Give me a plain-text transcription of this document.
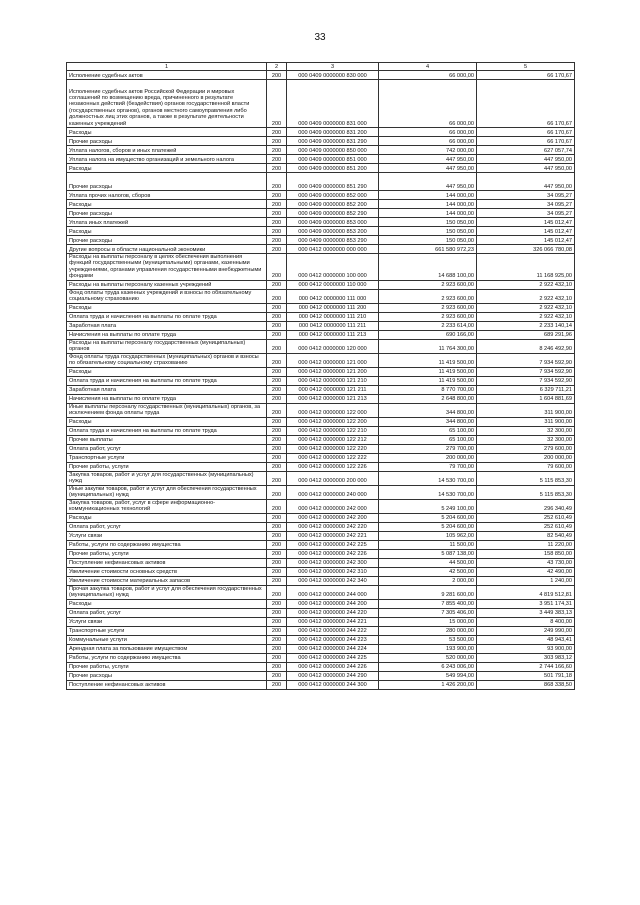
33
1	2	3	4	5
Исполнение судебных актов	200	000 0409 0000000 830 000	66 000,00	66 170,67
Исполнение судебных актов Российской Федерации и мировых соглашений по возмещению вреда, причиненного в результате незаконных действий (бездействия) органов государственной власти (государственных органов), органов местного самоуправления либо должностных лиц этих органов, а также в результате деятельности казенных учреждений	200	000 0409 0000000 831 000	66 000,00	66 170,67
Расходы	200	000 0409 0000000 831 200	66 000,00	66 170,67
Прочие расходы	200	000 0409 0000000 831 290	66 000,00	66 170,67
Уплата налогов, сборов и иных платежей	200	000 0409 0000000 850 000	742 000,00	627 057,74
Уплата налога на имущество организаций и земельного налога	200	000 0409 0000000 851 000	447 950,00	447 950,00
Расходы	200	000 0409 0000000 851 200	447 950,00	447 950,00
Прочие расходы	200	000 0409 0000000 851 290	447 950,00	447 950,00
Уплата прочих налогов, сборов	200	000 0409 0000000 852 000	144 000,00	34 095,27
Расходы	200	000 0409 0000000 852 200	144 000,00	34 095,27
Прочие расходы	200	000 0409 0000000 852 290	144 000,00	34 095,27
Уплата иных платежей	200	000 0409 0000000 853 000	150 050,00	145 012,47
Расходы	200	000 0409 0000000 853 200	150 050,00	145 012,47
Прочие расходы	200	000 0409 0000000 853 290	150 050,00	145 012,47
Другие вопросы в области национальной экономики	200	000 0412 0000000 000 000	661 580 972,23	326 066 780,08
Расходы на выплаты персоналу в целях обеспечения выполнения функций государственными (муниципальными) органами, казенными учреждениями, органами управления государственными внебюджетными фондами	200	000 0412 0000000 100 000	14 688 100,00	11 168 925,00
Расходы на выплаты персоналу казенных учреждений	200	000 0412 0000000 110 000	2 923 600,00	2 922 432,10
Фонд оплаты труда казенных учреждений и взносы по обязательному социальному страхованию	200	000 0412 0000000 111 000	2 923 600,00	2 922 432,10
Расходы	200	000 0412 0000000 111 200	2 923 600,00	2 922 432,10
Оплата труда и начисления на выплаты по оплате труда	200	000 0412 0000000 111 210	2 923 600,00	2 922 432,10
Заработная плата	200	000 0412 0000000 111 211	2 233 614,00	2 233 140,14
Начисления на выплаты по оплате труда	200	000 0412 0000000 111 213	690 166,00	689 291,96
Расходы на выплаты персоналу государственных (муниципальных) органов	200	000 0412 0000000 120 000	11 764 300,00	8 246 492,90
Фонд оплаты труда государственных (муниципальных) органов и взносы по обязательному социальному страхованию	200	000 0412 0000000 121 000	11 419 500,00	7 934 592,90
Расходы	200	000 0412 0000000 121 200	11 419 500,00	7 934 592,90
Оплата труда и начисления на выплаты по оплате труда	200	000 0412 0000000 121 210	11 419 500,00	7 934 592,90
Заработная плата	200	000 0412 0000000 121 211	8 770 700,00	6 329 711,21
Начисления на выплаты по оплате труда	200	000 0412 0000000 121 213	2 648 800,00	1 604 881,69
Иные выплаты персоналу государственных (муниципальных) органов, за исключением фонда оплаты труда	200	000 0412 0000000 122 000	344 800,00	311 900,00
Расходы	200	000 0412 0000000 122 200	344 800,00	311 900,00
Оплата труда и начисления на выплаты по оплате труда	200	000 0412 0000000 122 210	65 100,00	32 300,00
Прочие выплаты	200	000 0412 0000000 122 212	65 100,00	32 300,00
Оплата работ, услуг	200	000 0412 0000000 122 220	279 700,00	279 600,00
Транспортные услуги	200	000 0412 0000000 122 222	200 000,00	200 000,00
Прочие работы, услуги	200	000 0412 0000000 122 226	79 700,00	79 600,00
Закупка товаров, работ и услуг для государственных (муниципальных) нужд	200	000 0412 0000000 200 000	14 530 700,00	5 115 853,30
Иные закупки товаров, работ и услуг для обеспечения государственных (муниципальных) нужд	200	000 0412 0000000 240 000	14 530 700,00	5 115 853,30
Закупка товаров, работ, услуг в сфере информационно-коммуникационных технологий	200	000 0412 0000000 242 000	5 249 100,00	296 340,49
Расходы	200	000 0412 0000000 242 200	5 204 600,00	252 610,49
Оплата работ, услуг	200	000 0412 0000000 242 220	5 204 600,00	252 610,49
Услуги связи	200	000 0412 0000000 242 221	105 962,00	82 540,49
Работы, услуги по содержанию имущества	200	000 0412 0000000 242 225	11 500,00	11 220,00
Прочие работы, услуги	200	000 0412 0000000 242 226	5 087 138,00	158 850,00
Поступление нефинансовых активов	200	000 0412 0000000 242 300	44 500,00	43 730,00
Увеличение стоимости основных средств	200	000 0412 0000000 242 310	42 500,00	42 490,00
Увеличение стоимости материальных запасов	200	000 0412 0000000 242 340	2 000,00	1 240,00
Прочая закупка товаров, работ и услуг для обеспечения государственных (муниципальных) нужд	200	000 0412 0000000 244 000	9 281 600,00	4 819 512,81
Расходы	200	000 0412 0000000 244 200	7 855 400,00	3 951 174,31
Оплата работ, услуг	200	000 0412 0000000 244 220	7 305 406,00	3 449 383,13
Услуги связи	200	000 0412 0000000 244 221	15 000,00	8 400,00
Транспортные услуги	200	000 0412 0000000 244 222	280 000,00	249 990,00
Коммунальные услуги	200	000 0412 0000000 244 223	53 500,00	48 943,41
Арендная плата за пользование имуществом	200	000 0412 0000000 244 224	193 900,00	93 900,00
Работы, услуги по содержанию имущества	200	000 0412 0000000 244 225	520 000,00	303 983,12
Прочие работы, услуги	200	000 0412 0000000 244 226	6 243 006,00	2 744 166,60
Прочие расходы	200	000 0412 0000000 244 290	549 994,00	501 791,18
Поступление нефинансовых активов	200	000 0412 0000000 244 300	1 426 200,00	868 338,50
